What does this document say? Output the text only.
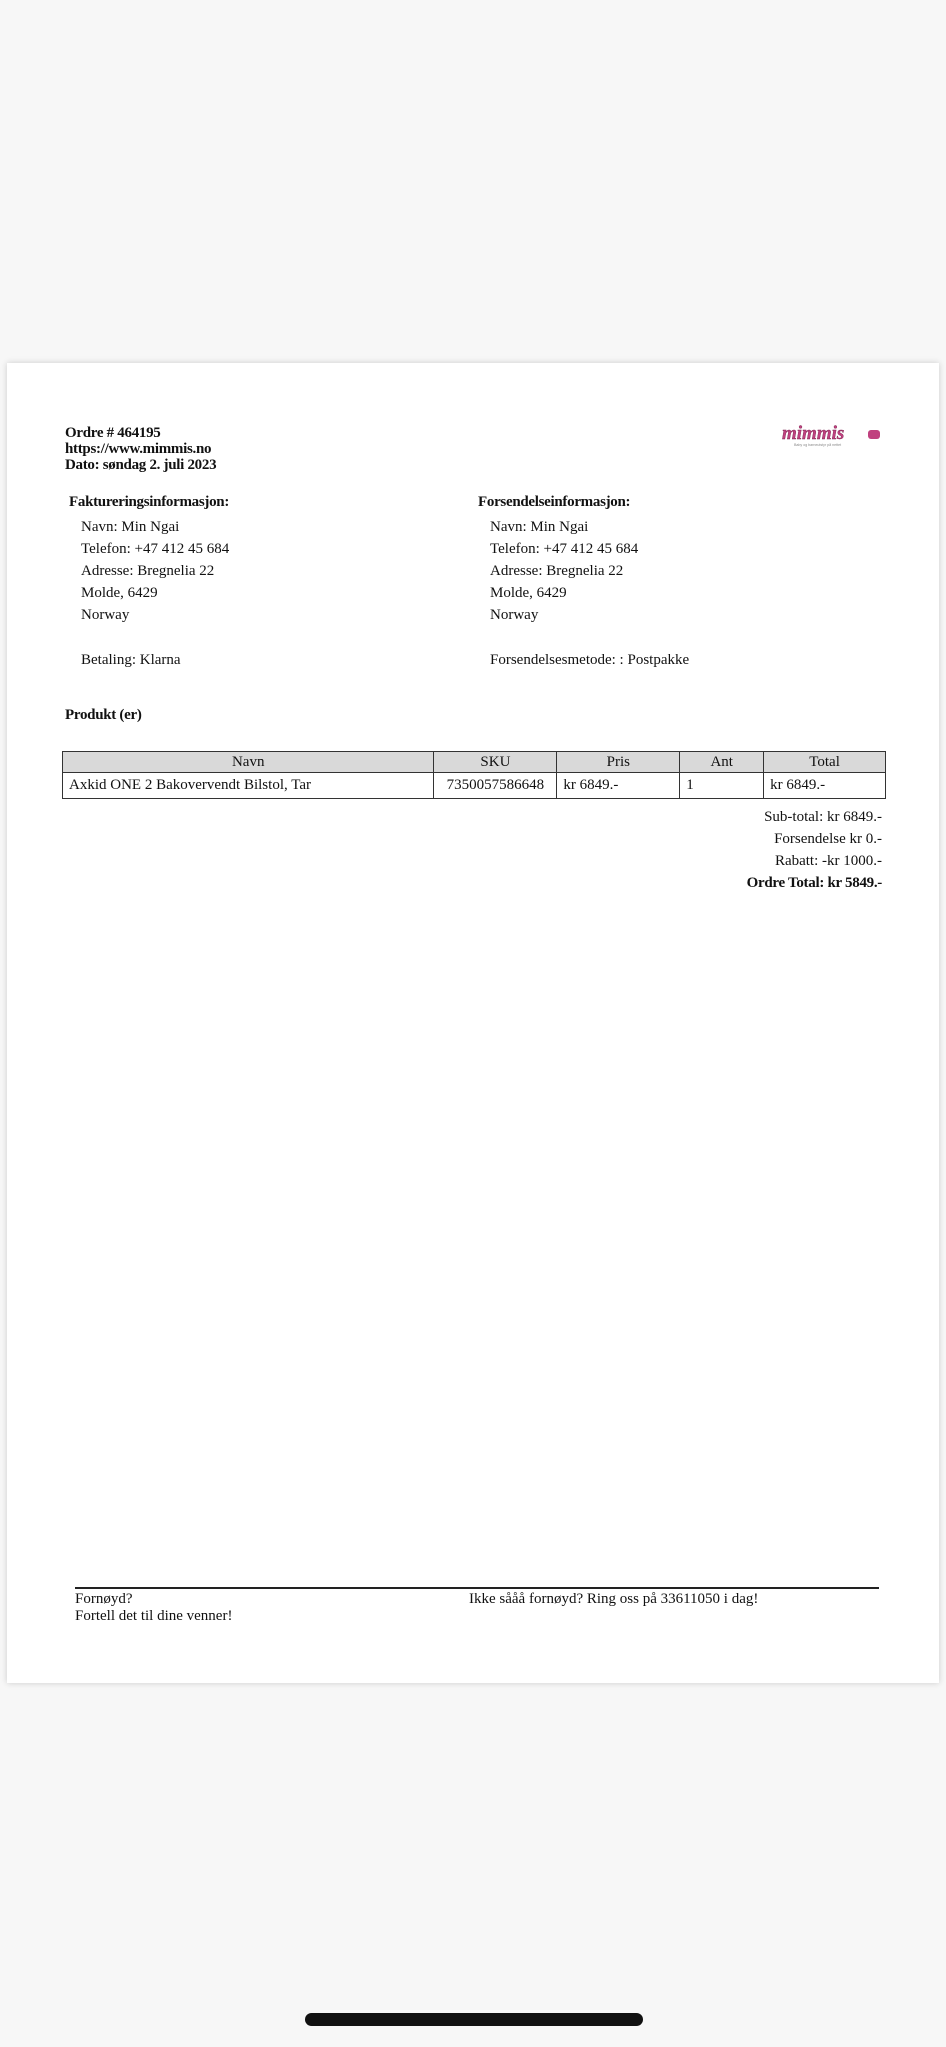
Ordre # 464195
https://www.mimmis.no
Dato: søndag 2. juli 2023
mimmis
Baby og barneutstyr på nettet
Faktureringsinformasjon:
Navn: Min Ngai
Telefon: +47 412 45 684
Adresse: Bregnelia 22
Molde, 6429
Norway
Forsendelseinformasjon:
Navn: Min Ngai
Telefon: +47 412 45 684
Adresse: Bregnelia 22
Molde, 6429
Norway
Betaling: Klarna	Forsendelsesmetode: : Postpakke
Produkt (er)
Navn	SKU	Pris	Ant	Total
Axkid ONE 2 Bakovervendt Bilstol, Tar	7350057586648	kr 6849.-	1	kr 6849.-
Sub-total: kr 6849.-
Forsendelse kr 0.-
Rabatt: -kr 1000.-
Ordre Total: kr 5849.-
Fornøyd?
Fortell det til dine venner!
Ikke sååå fornøyd? Ring oss på 33611050 i dag!
